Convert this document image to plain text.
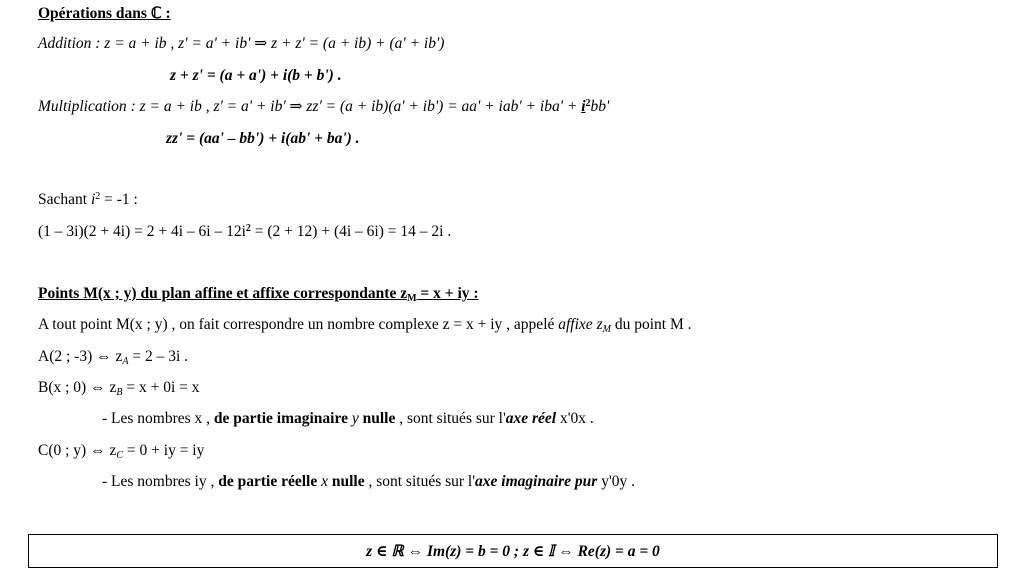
Opérations dans ℂ :
Addition : z = a + ib , z' = a' + ib' ⇒ z + z' = (a + ib) + (a' + ib')
z + z' = (a + a') + i(b + b') .
Multiplication : z = a + ib , z' = a' + ib' ⇒ $zz' = (a + ib)(a' + ib') = aa' + iab' + iba' + i^2bb'$
zz' = (aa' – bb') + i(ab' + ba') .
Sachant $i^2 = -1$ :
$(1 - 3i)(2 + 4i) = 2 + 4i - 6i - 12i^2 = (2 + 12) + (4i - 6i) = 14 - 2i$ .
Points M(x ; y) du plan affine et affixe correspondante $z_M = x$ + iy :
A tout point M(x ; y) , on fait correspondre un nombre complexe z = x + iy , appelé affixe $z_M$ du point M .
A(2 ; -3) ⇔ $z_A = 2 - 3i$ .
B(x ; 0) ⇔ $z_B = x + 0i = x$
- Les nombres x , de partie imaginaire y nulle , sont situés sur l'axe réel x'0x .
C(0 ; y) ⇔ $z_C = 0$ + iy = iy
- Les nombres iy , de partie réelle x nulle , sont situés sur l'axe imaginaire pur y'0y .
z ∈ ℝ ⇔ Im(z) = b = 0 ; z ∈ 𝕀 ⇔ Re(z) = a = 0
